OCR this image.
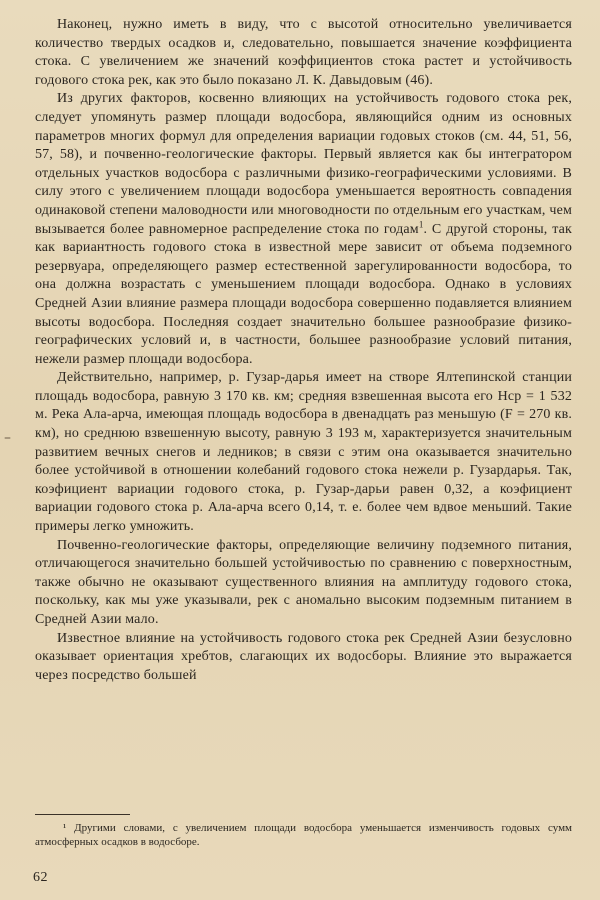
–

Наконец, нужно иметь в виду, что с высотой относительно увеличивается количество твердых осадков и, следовательно, повышается значение коэффициента стока. С увеличением же значений коэффициентов стока растет и устойчивость годового стока рек, как это было показано Л. К. Давыдовым (46).

Из других факторов, косвенно влияющих на устойчивость годового стока рек, следует упомянуть размер площади водосбора, являющийся одним из основных параметров многих формул для определения вариации годовых стоков (см. 44, 51, 56, 57, 58), и почвенно-геологические факторы. Первый является как бы интегратором отдельных участков водосбора с различными физико-географическими условиями. В силу этого с увеличением площади водосбора уменьшается вероятность совпадения одинаковой степени маловодности или многоводности по отдельным его участкам, чем вызывается более равномерное распределение стока по годам$^1$. С другой стороны, так как вариантность годового стока в известной мере зависит от объема подземного резервуара, определяющего размер естественной зарегулированности водосбора, то она должна возрастать с уменьшением площади водосбора. Однако в условиях Средней Азии влияние размера площади водосбора совершенно подавляется влиянием высоты водосбора. Последняя создает значительно большее разнообразие физико-географических условий и, в частности, большее разнообразие условий питания, нежели размер площади водосбора.

Действительно, например, р. Гузар-дарья имеет на створе Ялтепинской станции площадь водосбора, равную 3 170 кв. км; средняя взвешенная высота его Hср = 1 532 м. Река Ала-арча, имеющая площадь водосбора в двенадцать раз меньшую (F = 270 кв. км), но среднюю взвешенную высоту, равную 3 193 м, характеризуется значительным развитием вечных снегов и ледников; в связи с этим она оказывается значительно более устойчивой в отношении колебаний годового стока нежели р. Гузардарья. Так, коэфициент вариации годового стока, р. Гузар-дарьи равен 0,32, а коэфициент вариации годового стока р. Ала-арча всего 0,14, т. е. более чем вдвое меньший. Такие примеры легко умножить.

Почвенно-геологические факторы, определяющие величину подземного питания, отличающегося значительно большей устойчивостью по сравнению с поверхностным, также обычно не оказывают существенного влияния на амплитуду годового стока, поскольку, как мы уже указывали, рек с аномально высоким подземным питанием в Средней Азии мало.

Известное влияние на устойчивость годового стока рек Средней Азии безусловно оказывает ориентация хребтов, слагающих их водосборы. Влияние это выражается через посредство большей

¹ Другими словами, с увеличением площади водосбора уменьшается изменчивость годовых сумм атмосферных осадков в водосборе.

62
